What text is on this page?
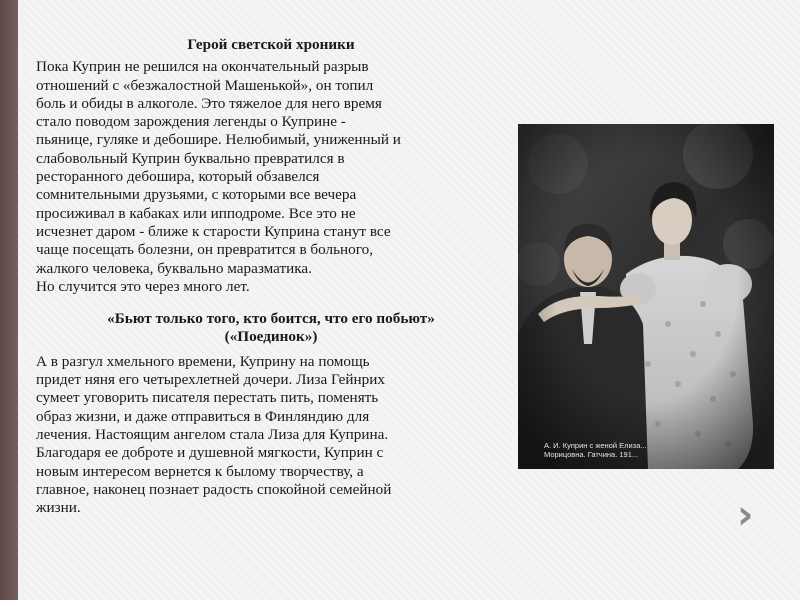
Герой светской хроники
Пока Куприн не решился на окончательный разрыв
отношений с «безжалостной Машенькой», он топил
боль и обиды в алкоголе. Это тяжелое для него время
стало поводом зарождения легенды о Куприне -
пьянице, гуляке и дебошире. Нелюбимый, униженный и
слабовольный Куприн буквально превратился в
ресторанного дебошира, который обзавелся
сомнительными друзьями, с которыми все вечера
просиживал в кабаках или ипподроме. Все это не
исчезнет даром - ближе к старости Куприна станут все
чаще посещать болезни, он превратится в больного,
жалкого человека, буквально маразматика.
Но случится это через много лет.
«Бьют только того, кто боится, что его побьют»
(«Поединок»)
А в разгул хмельного времени, Куприну на помощь
придет няня его четырехлетней дочери. Лиза Гейнрих
сумеет уговорить писателя перестать пить, поменять
образ жизни, и даже отправиться в Финляндию для
лечения. Настоящим ангелом стала Лиза для Куприна.
Благодаря ее доброте и душевной мягкости, Куприн с
новым интересом вернется к былому творчеству, а
главное, наконец познает радость спокойной семейной
жизни.
А. И. Куприн с женой Елиза...
Морицовна. Гатчина. 191...
›
